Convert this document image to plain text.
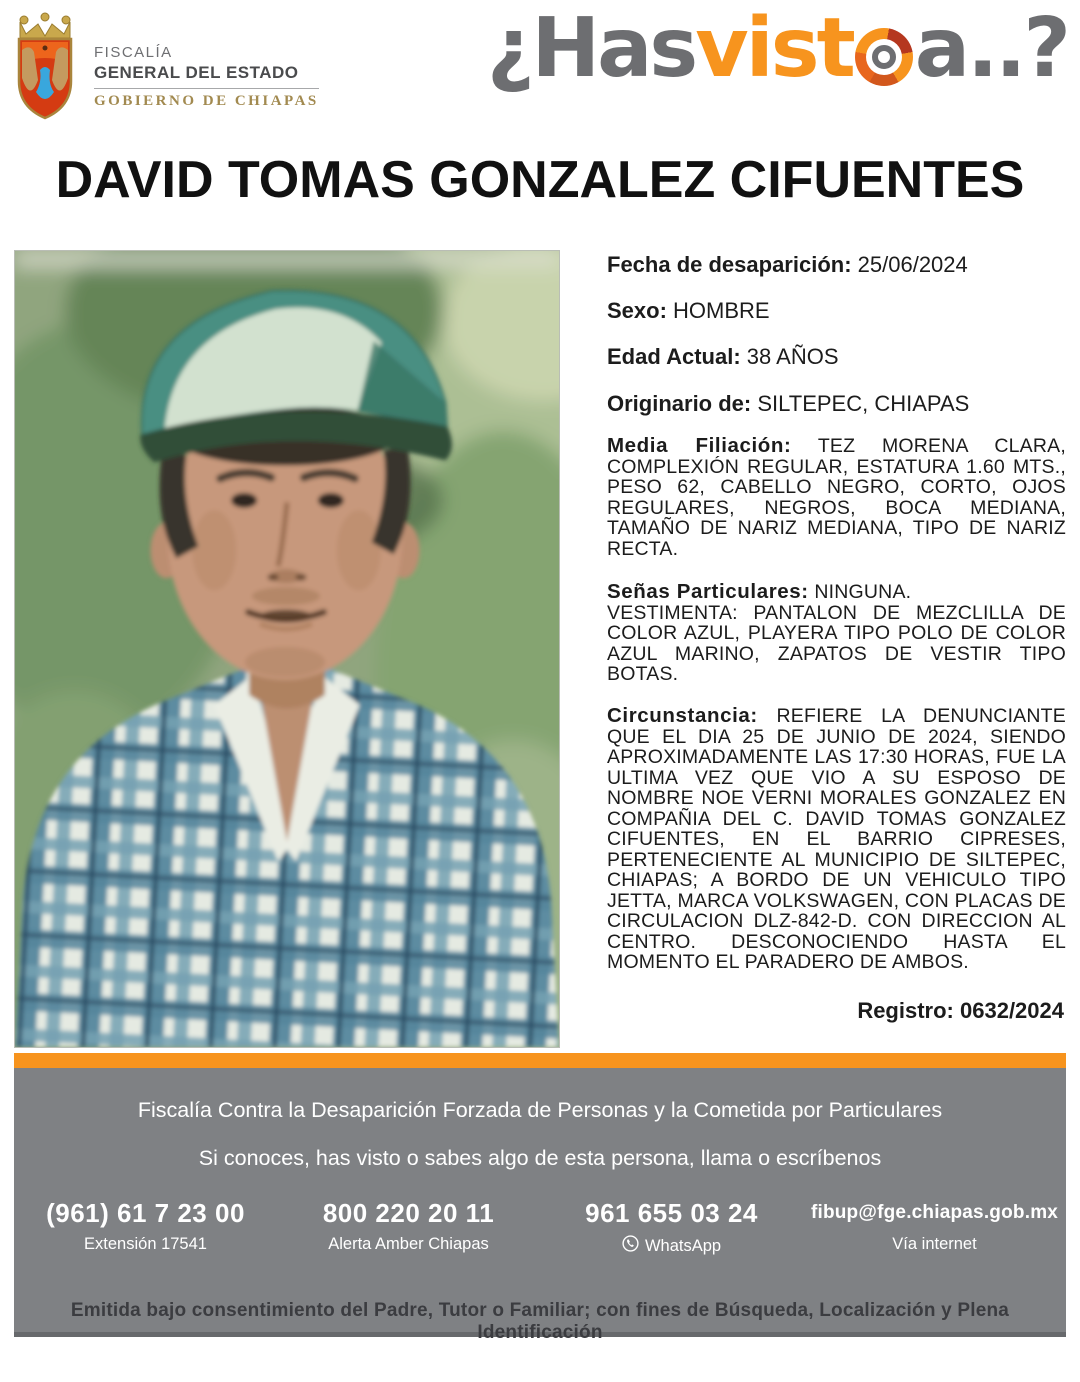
FISCALÍA
GENERAL DEL ESTADO
GOBIERNO DE CHIAPAS
¿Has vist a..?
DAVID TOMAS GONZALEZ CIFUENTES
Fecha de desaparición: 25/06/2024
Sexo: HOMBRE
Edad Actual: 38 AÑOS
Originario de: SILTEPEC, CHIAPAS
Media Filiación: TEZ MORENA CLARA, COMPLEXIÓN REGULAR, ESTATURA 1.60 MTS., PESO 62, CABELLO NEGRO, CORTO, OJOS REGULARES, NEGROS, BOCA MEDIANA, TAMAÑO DE NARIZ MEDIANA, TIPO DE NARIZ RECTA.
Señas Particulares: NINGUNA.
VESTIMENTA: PANTALON DE MEZCLILLA DE COLOR AZUL, PLAYERA TIPO POLO DE COLOR AZUL MARINO, ZAPATOS DE VESTIR TIPO BOTAS.
Circunstancia: REFIERE LA DENUNCIANTE QUE EL DIA 25 DE JUNIO DE 2024, SIENDO APROXIMADAMENTE LAS 17:30 HORAS, FUE LA ULTIMA VEZ QUE VIO A SU ESPOSO DE NOMBRE NOE VERNI MORALES GONZALEZ EN COMPAÑIA DEL C. DAVID TOMAS GONZALEZ CIFUENTES, EN EL BARRIO CIPRESES, PERTENECIENTE AL MUNICIPIO DE SILTEPEC, CHIAPAS; A BORDO DE UN VEHICULO TIPO JETTA, MARCA VOLKSWAGEN, CON PLACAS DE CIRCULACION DLZ-842-D. CON DIRECCION AL CENTRO. DESCONOCIENDO HASTA EL MOMENTO EL PARADERO DE AMBOS.
Registro: 0632/2024
Fiscalía Contra la Desaparición Forzada de Personas y la Cometida por Particulares
Si conoces, has visto o sabes algo de esta persona, llama o escríbenos
(961) 61 7 23 00
Extensión 17541
800 220 20 11
Alerta Amber Chiapas
961 655 03 24
WhatsApp
fibup@fge.chiapas.gob.mx
Vía internet
Emitida bajo consentimiento del Padre, Tutor o Familiar; con fines de Búsqueda, Localización y Plena Identificación
